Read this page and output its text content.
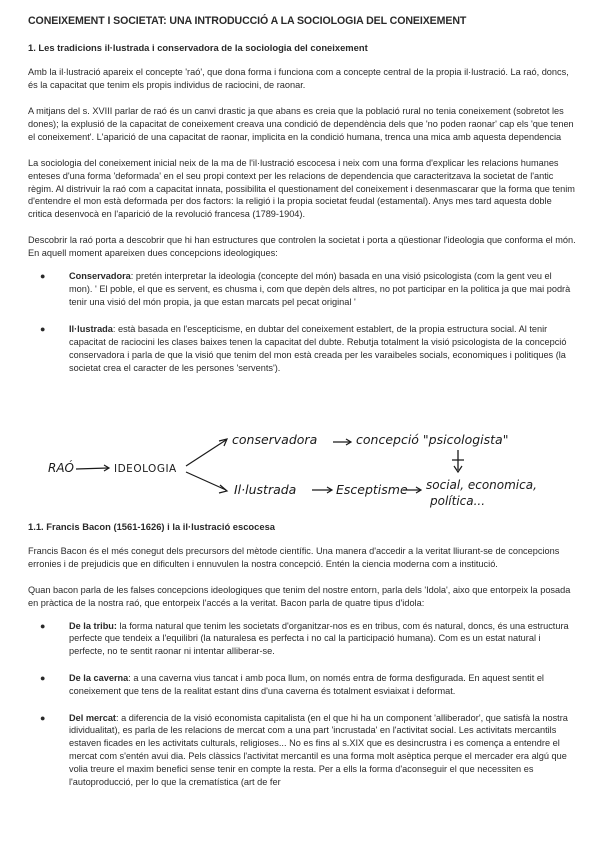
CONEIXEMENT I SOCIETAT: UNA INTRODUCCIÓ A LA SOCIOLOGIA DEL CONEIXEMENT

1. Les tradicions il·lustrada i conservadora de la sociologia del coneixement

Amb la il·lustració apareix el concepte 'raó', que dona forma i funciona com a concepte central de la propia il·lustració. La raó, doncs, és la capacitat que tenim els propis individus de raciocini, de raonar.

A mitjans del s. XVIII parlar de raó és un canvi drastic ja que abans es creia que la població rural no tenia coneixement (sobretot les dones); la explusió de la capacitat de coneixement creava una condició de dependència dels que 'no poden raonar' cap els 'que tenen el coneixement'. L'aparició de una capacitat de raonar, implicita en la condició humana, trenca una mica amb aquesta dependencia

La sociologia del coneixement inicial neix de la ma de l'il·lustració escocesa i neix com una forma d'explicar les relacions humanes enteses d'una forma 'deformada' en el seu propi context per les relacions de dependencia que caracteritzava la societat de l'antic règim. Al distrivuir la raó com a capacitat innata, possibilita el questionament del coneixement i desenmascarar que la forma que tenim d'entendre el mon està deformada per dos factors: la religió i la propia societat feudal (estamental). Anys mes tard aquesta doble critica desenvocà en l'aparició de la revolució francesa (1789-1904).

Descobrir la raó porta a descobrir que hi han estructures que controlen la societat i porta a qüestionar l'ideologia que conforma el món. En aquell moment apareixen dues concepcions ideologiques:

●	Conservadora: pretén interpretar la ideologia (concepte del món) basada en una visió psicologista (com la gent veu el mon). ' El poble, el que es servent, es chusma i, com que depèn dels altres, no pot participar en la politica ja que mai podrà tenir una visió del món propia, ja que estan marcats pel pecat original '
●	Il·lustrada: està basada en l'escepticisme, en dubtar del coneixement establert, de la propia estructura social. Al tenir capacitat de raciocini les clases baixes tenen la capacitat del dubte. Rebutja totalment la visió psicologista de la concepció conservadora i parla de que la visió que tenim del mon està creada per les varaibeles socials, economiques i politiques (la societat crea el caracter de les persones 'servents').
RAÓ	IDEOLOGIA
conservadora	concepció "psicologista"
Il·lustrada	Esceptisme social, economica,
política...

1.1. Francis Bacon (1561-1626) i la il·lustració escocesa

Francis Bacon és el més conegut dels precursors del mètode científic. Una manera d'accedir a la veritat lliurant-se de concepcions erronies i de prejudicis que en dificulten i ennuvulen la nostra concepció. Entén la ciencia moderna com a institució.

Quan bacon parla de les falses concepcions ideologiques que tenim del nostre entorn, parla dels 'Idola', aixo que entorpeix la posada en pràctica de la nostra raó, que entorpeix l'accés a la veritat. Bacon parla de quatre tipus d'idola:

●	De la tribu: la forma natural que tenim les societats d'organitzar-nos es en tribus, com és natural, doncs, és una estructura perfecte que tendeix a l'equilibri (la naturalesa es perfecta i no cal la participació humana). Com es un estat natural i perfecte, no te sentit raonar ni intentar alliberar-se.
●	De la caverna: a una caverna vius tancat i amb poca llum, on només entra de forma desfigurada. En aquest sentit el coneixement que tens de la realitat estant dins d'una caverna és totalment esviaixat i deformat.
●	Del mercat: a diferencia de la visió economista capitalista (en el que hi ha un component 'alliberador', que satisfà la nostra idividualitat), es parla de les relacions de mercat com a una part 'incrustada' en l'activitat social. Les activitats mercantils estaven ficades en les activitats culturals, religioses... No es fins al s.XIX que es desincrustra i es comença a entendre el mercat com s'entén avui dia. Pels clàssics l'activitat mercantil es una forma molt asèptica perque el mercader era algú que volia treure el maxim benefici sense tenir en compte la resta. Per a ells la forma d'aconseguir el que necessiten es l'autoproducció, per lo que la crematística (art de fer
